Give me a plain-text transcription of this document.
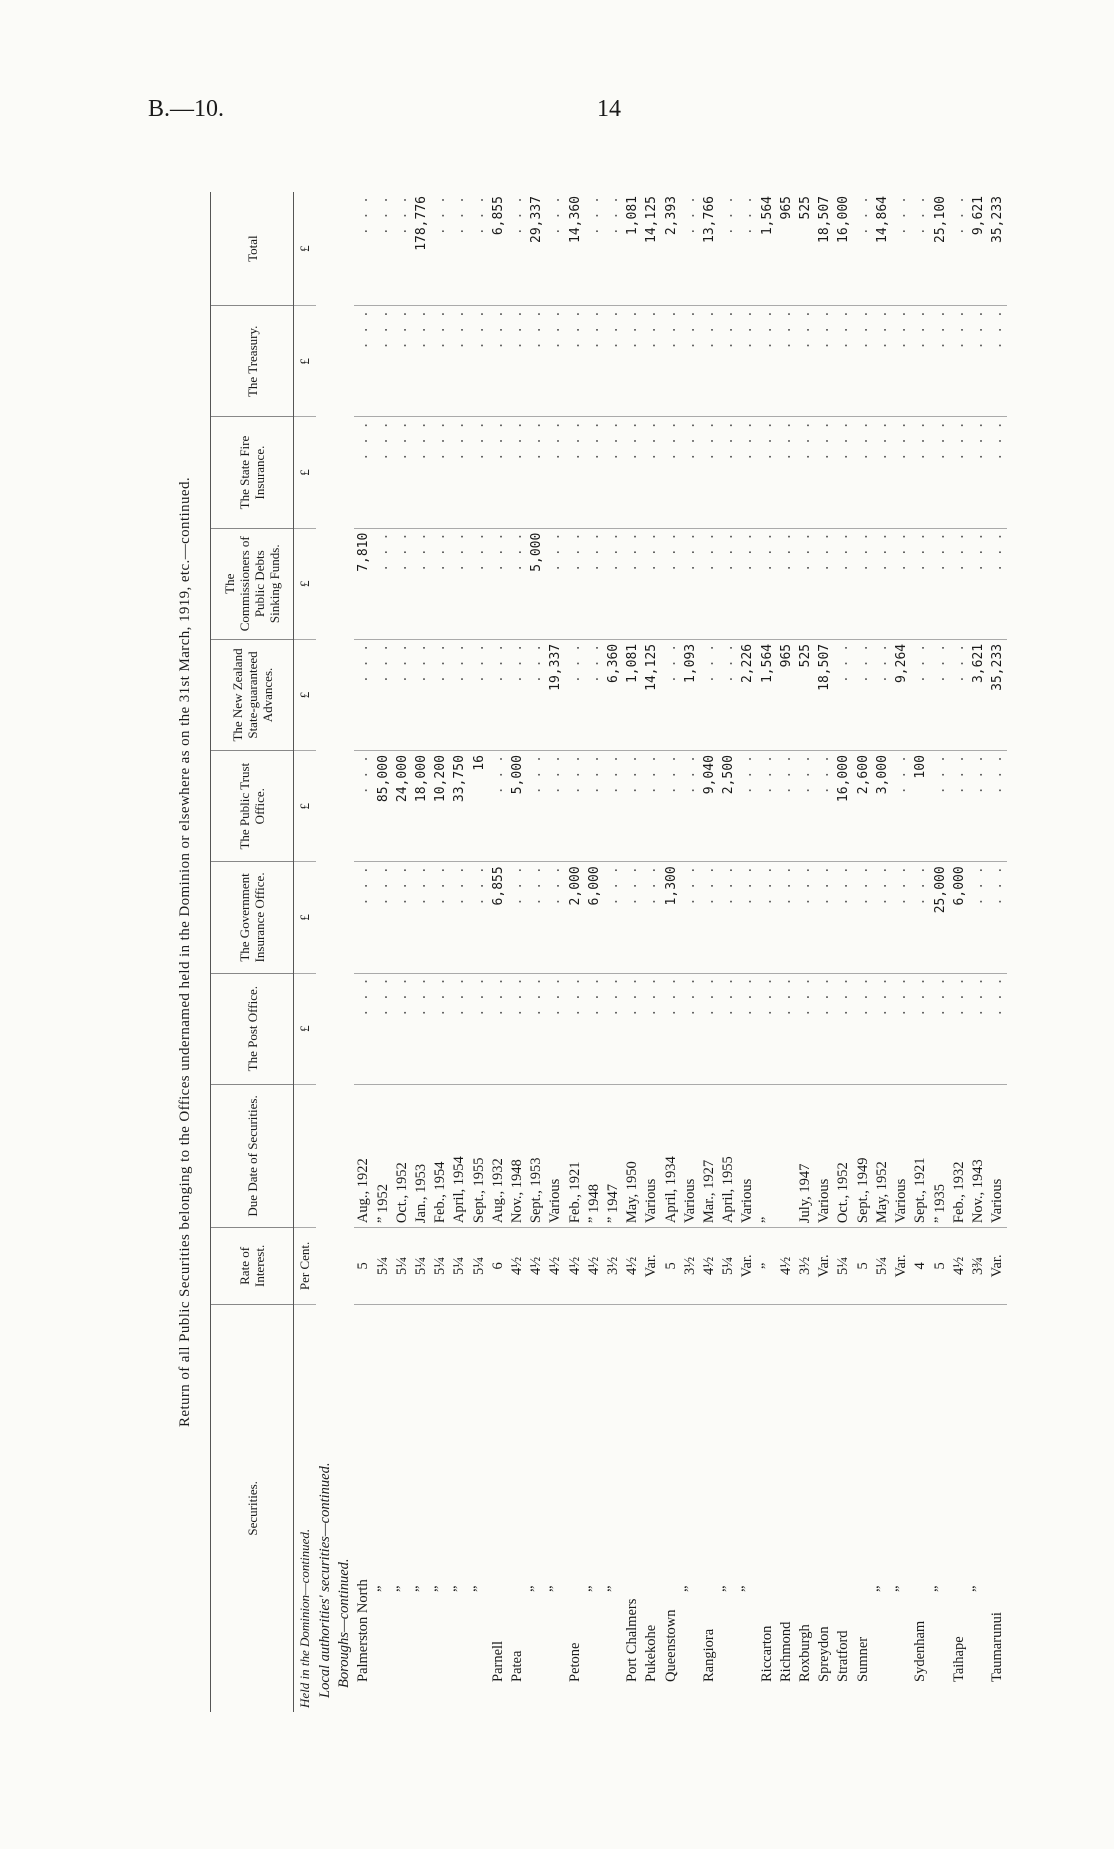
B.—10.	14
Return of all Public Securities belonging to the Offices undernamed held in the Dominion or elsewhere as on the 31st March, 1919, etc.—continued.
Securities.	Rate of Interest.	Due Date of Securities.	The Post Office.	The Government Insurance Office.	The Public Trust Office.	The New Zealand State-guaranteed Advances.	The Commissioners of Public Debts Sinking Funds.	The State Fire Insurance.	The Treasury.	Total
Held in the Dominion—continued.	Per Cent.		£	£	£	£	£	£	£	£
Local authorities' securities—continued.										
Boroughs—continued.										
Palmerston North	5	Aug., 1922	. . .	. . .	. . .	. . .	7,810	. . .	. . .	. . .
”	5¼	” 1952	. . .	. . .	85,000	. . .	. . .	. . .	. . .	. . .
”	5¼	Oct., 1952	. . .	. . .	24,000	. . .	. . .	. . .	. . .	. . .
”	5¼	Jan., 1953	. . .	. . .	18,000	. . .	. . .	. . .	. . .	178,776
”	5¼	Feb., 1954	. . .	. . .	10,200	. . .	. . .	. . .	. . .	. . .
”	5¼	April, 1954	. . .	. . .	33,750	. . .	. . .	. . .	. . .	. . .
”	5¼	Sept., 1955	. . .	. . .	16	. . .	. . .	. . .	. . .	. . .
Parnell	6	Aug., 1932	. . .	6,855	. . .	. . .	. . .	. . .	. . .	6,855
Patea	4½	Nov., 1948	. . .	. . .	5,000	. . .	. . .	. . .	. . .	. . .
”	4½	Sept., 1953	. . .	. . .	. . .	. . .	5,000	. . .	. . .	29,337
”	4½	Various	. . .	. . .	. . .	19,337	. . .	. . .	. . .	. . .
Petone	4½	Feb., 1921	. . .	2,000	. . .	. . .	. . .	. . .	. . .	14,360
”	4½	” 1948	. . .	6,000	. . .	. . .	. . .	. . .	. . .	. . .
”	3½	” 1947	. . .	. . .	. . .	6,360	. . .	. . .	. . .	. . .
Port Chalmers	4½	May, 1950	. . .	. . .	. . .	1,081	. . .	. . .	. . .	1,081
Pukekohe	Var.	Various	. . .	. . .	. . .	14,125	. . .	. . .	. . .	14,125
Queenstown	5	April, 1934	. . .	1,300	. . .	. . .	. . .	. . .	. . .	2,393
”	3½	Various	. . .	. . .	. . .	1,093	. . .	. . .	. . .	. . .
Rangiora	4½	Mar., 1927	. . .	. . .	9,040	. . .	. . .	. . .	. . .	13,766
”	5¼	April, 1955	. . .	. . .	2,500	. . .	. . .	. . .	. . .	. . .
”	Var.	Various	. . .	. . .	. . .	2,226	. . .	. . .	. . .	. . .
Riccarton	”	”	. . .	. . .	. . .	1,564	. . .	. . .	. . .	1,564
Richmond	4½		. . .	. . .	. . .	965	. . .	. . .	. . .	965
Roxburgh	3½	July, 1947	. . .	. . .	. . .	525	. . .	. . .	. . .	525
Spreydon	Var.	Various	. . .	. . .	. . .	18,507	. . .	. . .	. . .	18,507
Stratford	5¼	Oct., 1952	. . .	. . .	16,000	. . .	. . .	. . .	. . .	16,000
Sumner	5	Sept., 1949	. . .	. . .	2,600	. . .	. . .	. . .	. . .	. . .
”	5¼	May, 1952	. . .	. . .	3,000	. . .	. . .	. . .	. . .	14,864
”	Var.	Various	. . .	. . .	. . .	9,264	. . .	. . .	. . .	. . .
Sydenham	4	Sept., 1921	. . .	. . .	100	. . .	. . .	. . .	. . .	. . .
”	5	” 1935	. . .	25,000	. . .	. . .	. . .	. . .	. . .	25,100
Taihape	4½	Feb., 1932	. . .	6,000	. . .	. . .	. . .	. . .	. . .	. . .
”	3¾	Nov., 1943	. . .	. . .	. . .	3,621	. . .	. . .	. . .	9,621
Taumarunui	Var.	Various	. . .	. . .	. . .	35,233	. . .	. . .	. . .	35,233
